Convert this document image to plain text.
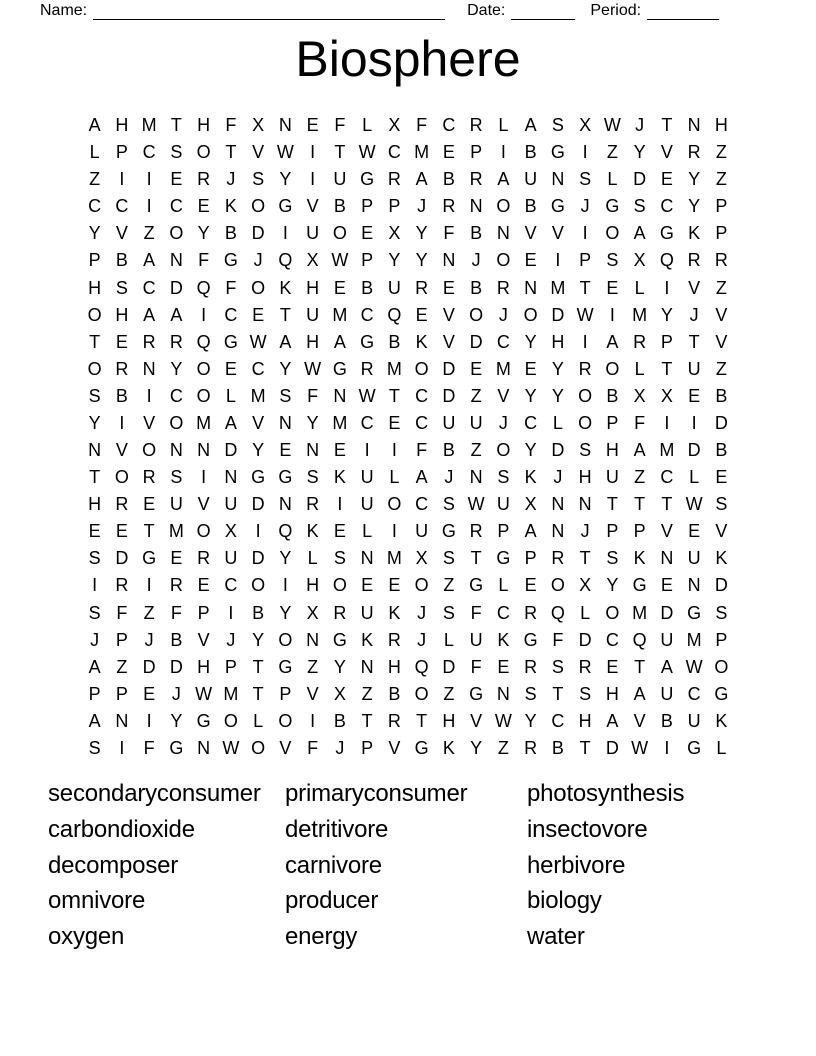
Name:	Date:	Period:
Biosphere
A H M T H F X N E F L X F C R L A S X W J T N H
L P C S O T V W I	T W C M E P	I	B G I	Z Y V R Z
Z	I	I	E R J S Y	I	U G R A B R A U N S L D E Y Z
C C	I	C E K O G V B P P J R N O B G J G S C Y P
Y V Z O Y B D	I	U O E X Y F B N V V	I O A G K P
P B A N F G J Q X W P Y Y N J O E	I	P S X Q R R
H S C D Q F O K H E B U R E B R N M T E L	I	V Z
O H A A	I	C E T U M C Q E V O J O D W I M Y J V
T E R R Q G W A H A G B K V D C Y H	I	A R P T V
O R N Y O E C Y W G R M O D E M E Y R O L T U Z
S B	I	C O L M S F N W T C D Z V Y Y O B X X E B
Y	I	V O M A V N Y M C E C U U J C L O P F	I	I	D
N V O N N D Y E N E	I	I	F B Z O Y D S H A M D B
T O R S	I	N G G S K U L A J N S K J H U Z C L E
H R E U V U D N R	I	U O C S W U X N N T T T W S
E E T M O X	I Q K E L	I	U G R P A N J P P V E V
S D G E R U D Y L S N M X S T G P R T S K N U K
I	R	I	R E C O I	H O E E O Z G L E O X Y G E N D
S F Z F P	I	B Y X R U K J S F C R Q L O M D G S
J P J B V J Y O N G K R J L U K G F D C Q U M P
A Z D D H P T G Z Y N H Q D F E R S R E T A W O
P P E J W M T P V X Z B O Z G N S T S H A U C G
A N	I	Y G O L O I	B T R T H V W Y C H A V B U K
S	I	F G N W O V F J P V G K Y Z R B T D W I G L
secondaryconsumer
carbondioxide
decomposer
omnivore
oxygen
primaryconsumer
detritivore
carnivore
producer
energy
photosynthesis
insectovore
herbivore
biology
water
